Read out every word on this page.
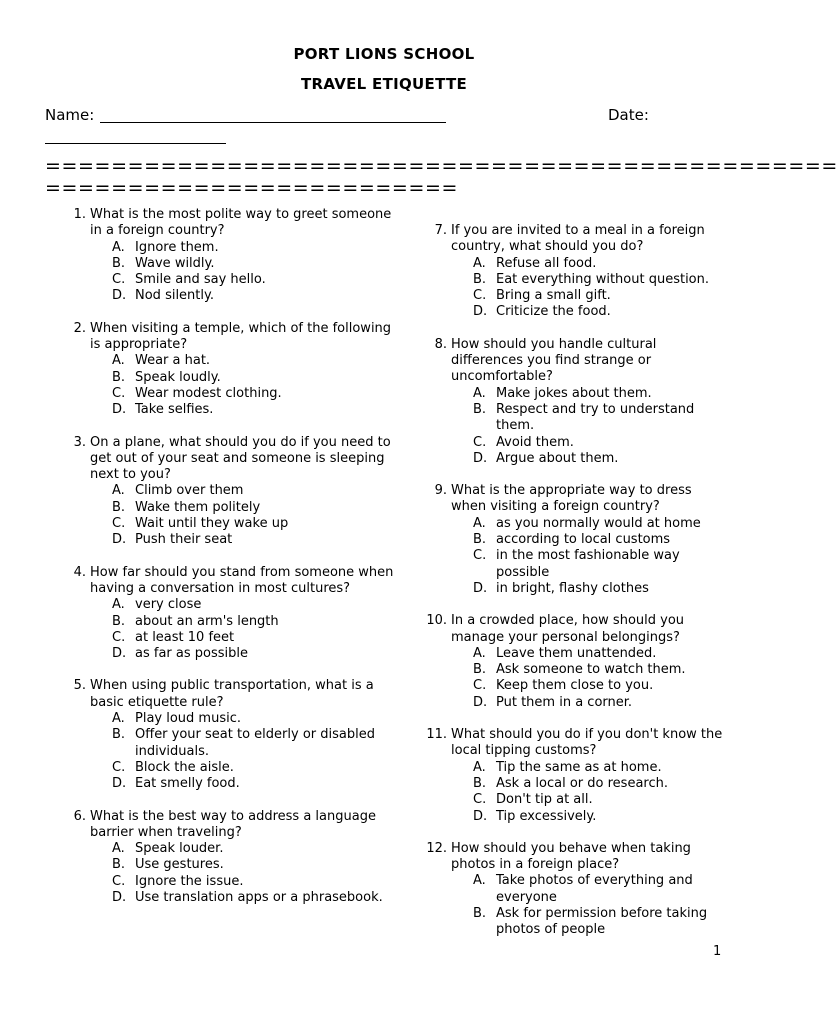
PORT LIONS SCHOOL
TRAVEL ETIQUETTE
Name:	Date:
================================================
=========================
1. What is the most polite way to greet someone in a foreign country?
A. Ignore them.
B. Wave wildly.
C. Smile and say hello.
D. Nod silently.
2. When visiting a temple, which of the following is appropriate?
A. Wear a hat.
B. Speak loudly.
C. Wear modest clothing.
D. Take selfies.
3. On a plane, what should you do if you need to get out of your seat and someone is sleeping next to you?
A. Climb over them
B. Wake them politely
C. Wait until they wake up
D. Push their seat
4. How far should you stand from someone when having a conversation in most cultures?
A. very close
B. about an arm's length
C. at least 10 feet
D. as far as possible
5. When using public transportation, what is a basic etiquette rule?
A. Play loud music.
B. Offer your seat to elderly or disabled individuals.
C. Block the aisle.
D. Eat smelly food.
6. What is the best way to address a language barrier when traveling?
A. Speak louder.
B. Use gestures.
C. Ignore the issue.
D. Use translation apps or a phrasebook.
7. If you are invited to a meal in a foreign country, what should you do?
A. Refuse all food.
B. Eat everything without question.
C. Bring a small gift.
D. Criticize the food.
8. How should you handle cultural differences you find strange or uncomfortable?
A. Make jokes about them.
B. Respect and try to understand them.
C. Avoid them.
D. Argue about them.
9. What is the appropriate way to dress when visiting a foreign country?
A. as you normally would at home
B. according to local customs
C. in the most fashionable way possible
D. in bright, flashy clothes
10. In a crowded place, how should you manage your personal belongings?
A. Leave them unattended.
B. Ask someone to watch them.
C. Keep them close to you.
D. Put them in a corner.
11. What should you do if you don't know the local tipping customs?
A. Tip the same as at home.
B. Ask a local or do research.
C. Don't tip at all.
D. Tip excessively.
12. How should you behave when taking photos in a foreign place?
A. Take photos of everything and everyone
B. Ask for permission before taking photos of people
1
